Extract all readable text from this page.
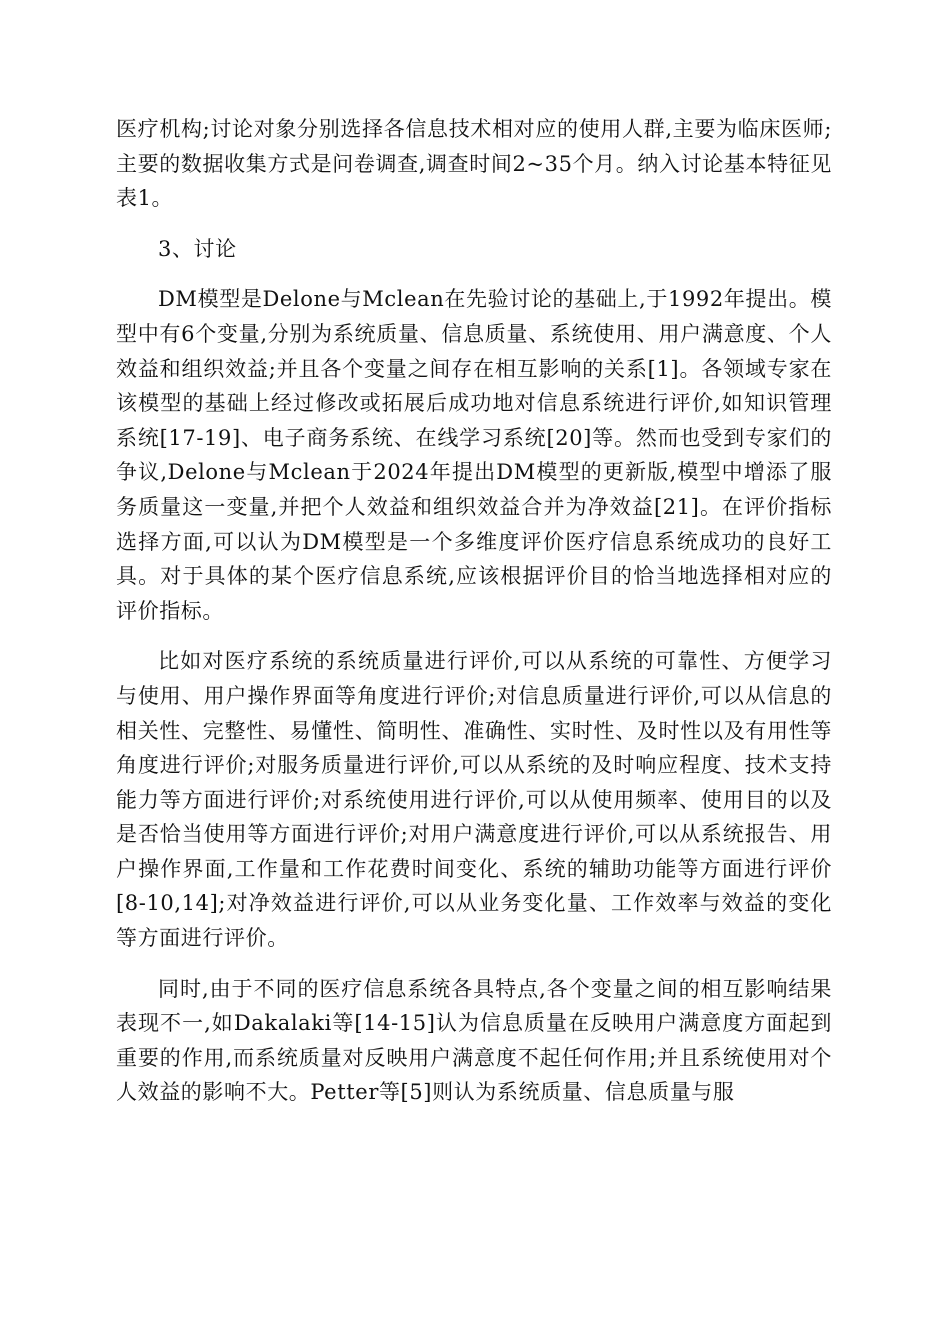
医疗机构;讨论对象分别选择各信息技术相对应的使用人群,主要为临床医师;主要的数据收集方式是问卷调查,调查时间2~35个月。纳入讨论基本特征见表1。

3、讨论

DM模型是Delone与Mclean在先验讨论的基础上,于1992年提出。模型中有6个变量,分别为系统质量、信息质量、系统使用、用户满意度、个人效益和组织效益;并且各个变量之间存在相互影响的关系[1]。各领域专家在该模型的基础上经过修改或拓展后成功地对信息系统进行评价,如知识管理系统[17-19]、电子商务系统、在线学习系统[20]等。然而也受到专家们的争议,Delone与Mclean于2024年提出DM模型的更新版,模型中增添了服务质量这一变量,并把个人效益和组织效益合并为净效益[21]。在评价指标选择方面,可以认为DM模型是一个多维度评价医疗信息系统成功的良好工具。对于具体的某个医疗信息系统,应该根据评价目的恰当地选择相对应的评价指标。

比如对医疗系统的系统质量进行评价,可以从系统的可靠性、方便学习与使用、用户操作界面等角度进行评价;对信息质量进行评价,可以从信息的相关性、完整性、易懂性、简明性、准确性、实时性、及时性以及有用性等角度进行评价;对服务质量进行评价,可以从系统的及时响应程度、技术支持能力等方面进行评价;对系统使用进行评价,可以从使用频率、使用目的以及是否恰当使用等方面进行评价;对用户满意度进行评价,可以从系统报告、用户操作界面,工作量和工作花费时间变化、系统的辅助功能等方面进行评价[8-10,14];对净效益进行评价,可以从业务变化量、工作效率与效益的变化等方面进行评价。

同时,由于不同的医疗信息系统各具特点,各个变量之间的相互影响结果表现不一,如Dakalaki等[14-15]认为信息质量在反映用户满意度方面起到重要的作用,而系统质量对反映用户满意度不起任何作用;并且系统使用对个人效益的影响不大。Petter等[5]则认为系统质量、信息质量与服
